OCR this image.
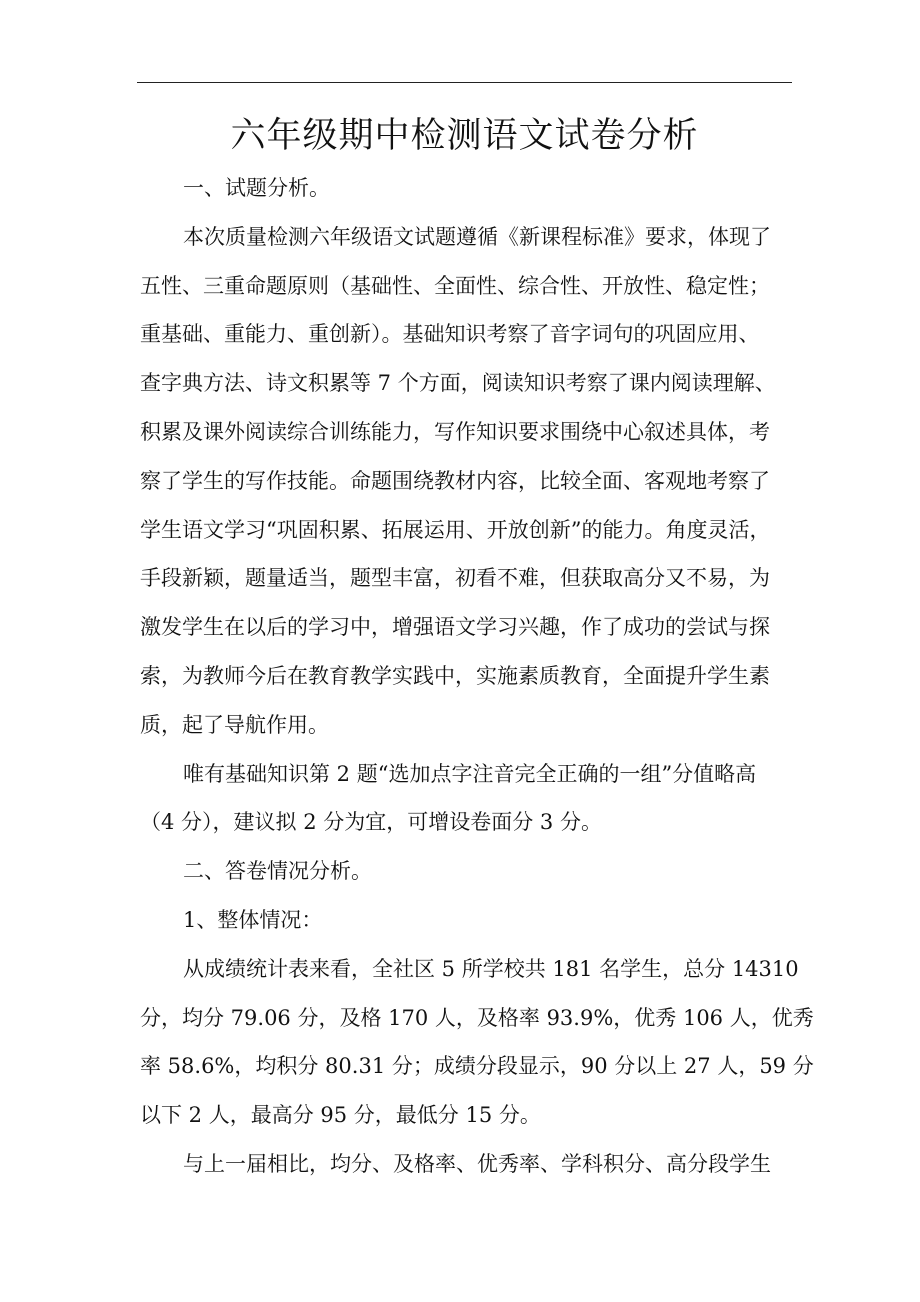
六年级期中检测语文试卷分析
一、试题分析。
本次质量检测六年级语文试题遵循《新课程标准》要求，体现了
五性、三重命题原则（基础性、全面性、综合性、开放性、稳定性；
重基础、重能力、重创新）。基础知识考察了音字词句的巩固应用、
查字典方法、诗文积累等 7 个方面，阅读知识考察了课内阅读理解、
积累及课外阅读综合训练能力，写作知识要求围绕中心叙述具体，考
察了学生的写作技能。命题围绕教材内容，比较全面、客观地考察了
学生语文学习“巩固积累、拓展运用、开放创新”的能力。角度灵活，
手段新颖，题量适当，题型丰富，初看不难，但获取高分又不易，为
激发学生在以后的学习中，增强语文学习兴趣，作了成功的尝试与探
索，为教师今后在教育教学实践中，实施素质教育，全面提升学生素
质，起了导航作用。
唯有基础知识第 2 题“选加点字注音完全正确的一组”分值略高
（4 分），建议拟 2 分为宜，可增设卷面分 3 分。
二、答卷情况分析。
1、整体情况：
从成绩统计表来看，全社区 5 所学校共 181 名学生，总分 14310
分，均分 79.06 分，及格 170 人，及格率 93.9%，优秀 106 人，优秀
率 58.6%，均积分 80.31 分；成绩分段显示，90 分以上 27 人，59 分
以下 2 人，最高分 95 分，最低分 15 分。
与上一届相比，均分、及格率、优秀率、学科积分、高分段学生
